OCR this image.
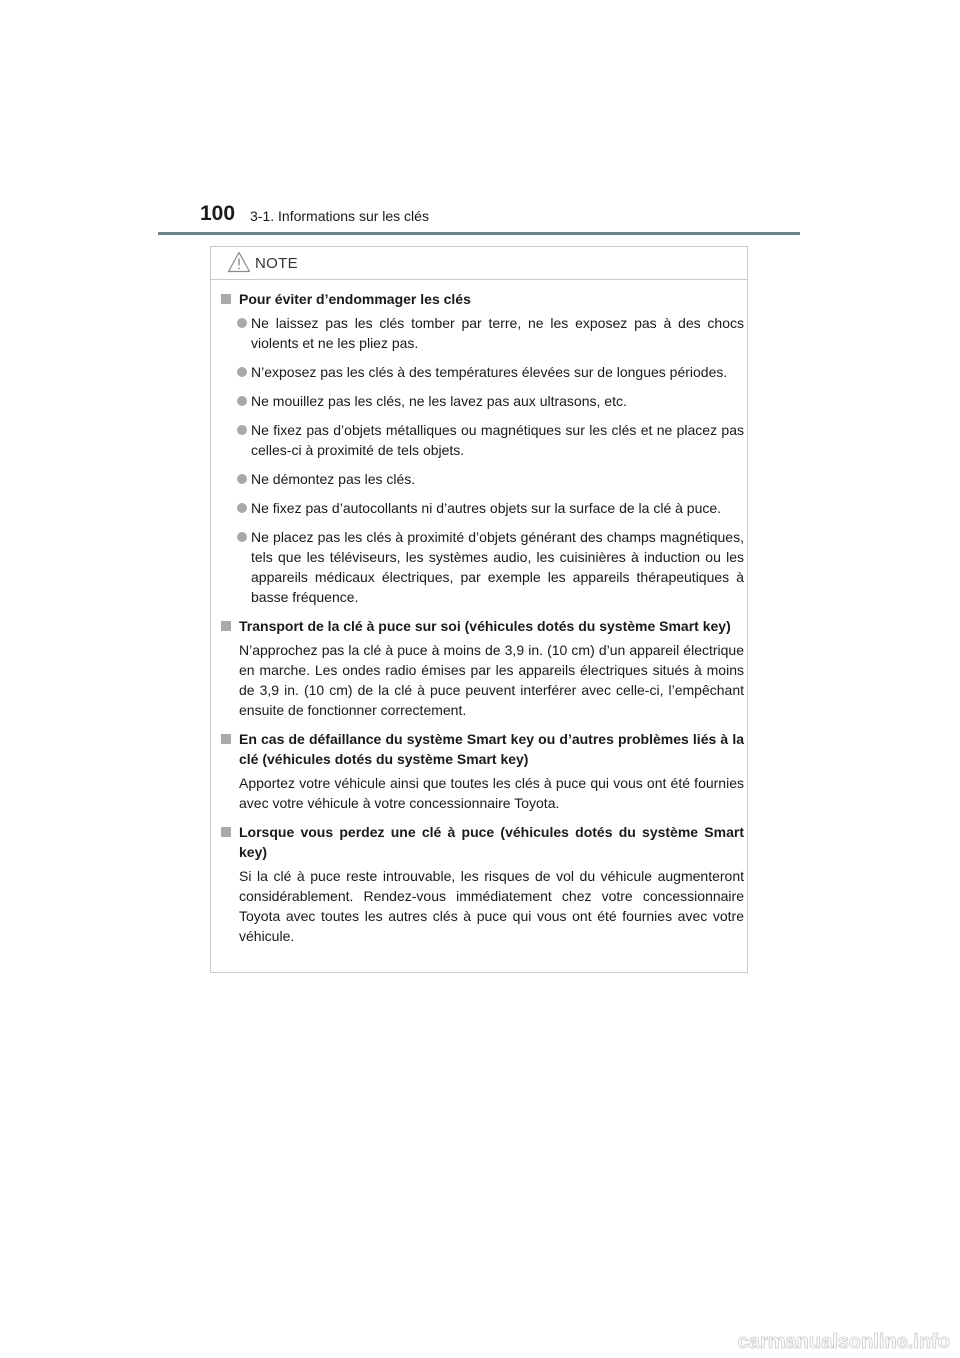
100 3-1. Informations sur les clés
NOTE
Pour éviter d’endommager les clés
Ne laissez pas les clés tomber par terre, ne les exposez pas à des chocs violents et ne les pliez pas.
N’exposez pas les clés à des températures élevées sur de longues périodes.
Ne mouillez pas les clés, ne les lavez pas aux ultrasons, etc.
Ne fixez pas d’objets métalliques ou magnétiques sur les clés et ne placez pas celles-ci à proximité de tels objets.
Ne démontez pas les clés.
Ne fixez pas d’autocollants ni d’autres objets sur la surface de la clé à puce.
Ne placez pas les clés à proximité d’objets générant des champs magnétiques, tels que les téléviseurs, les systèmes audio, les cuisinières à induction ou les appareils médicaux électriques, par exemple les appareils thérapeutiques à basse fréquence.
Transport de la clé à puce sur soi (véhicules dotés du système Smart key)
N’approchez pas la clé à puce à moins de 3,9 in. (10 cm) d’un appareil électrique en marche. Les ondes radio émises par les appareils électriques situés à moins de 3,9 in. (10 cm) de la clé à puce peuvent interférer avec celle-ci, l’empêchant ensuite de fonctionner correctement.
En cas de défaillance du système Smart key ou d’autres problèmes liés à la clé (véhicules dotés du système Smart key)
Apportez votre véhicule ainsi que toutes les clés à puce qui vous ont été fournies avec votre véhicule à votre concessionnaire Toyota.
Lorsque vous perdez une clé à puce (véhicules dotés du système Smart key)
Si la clé à puce reste introuvable, les risques de vol du véhicule augmenteront considérablement. Rendez-vous immédiatement chez votre concessionnaire Toyota avec toutes les autres clés à puce qui vous ont été fournies avec votre véhicule.
carmanualsonline.info
